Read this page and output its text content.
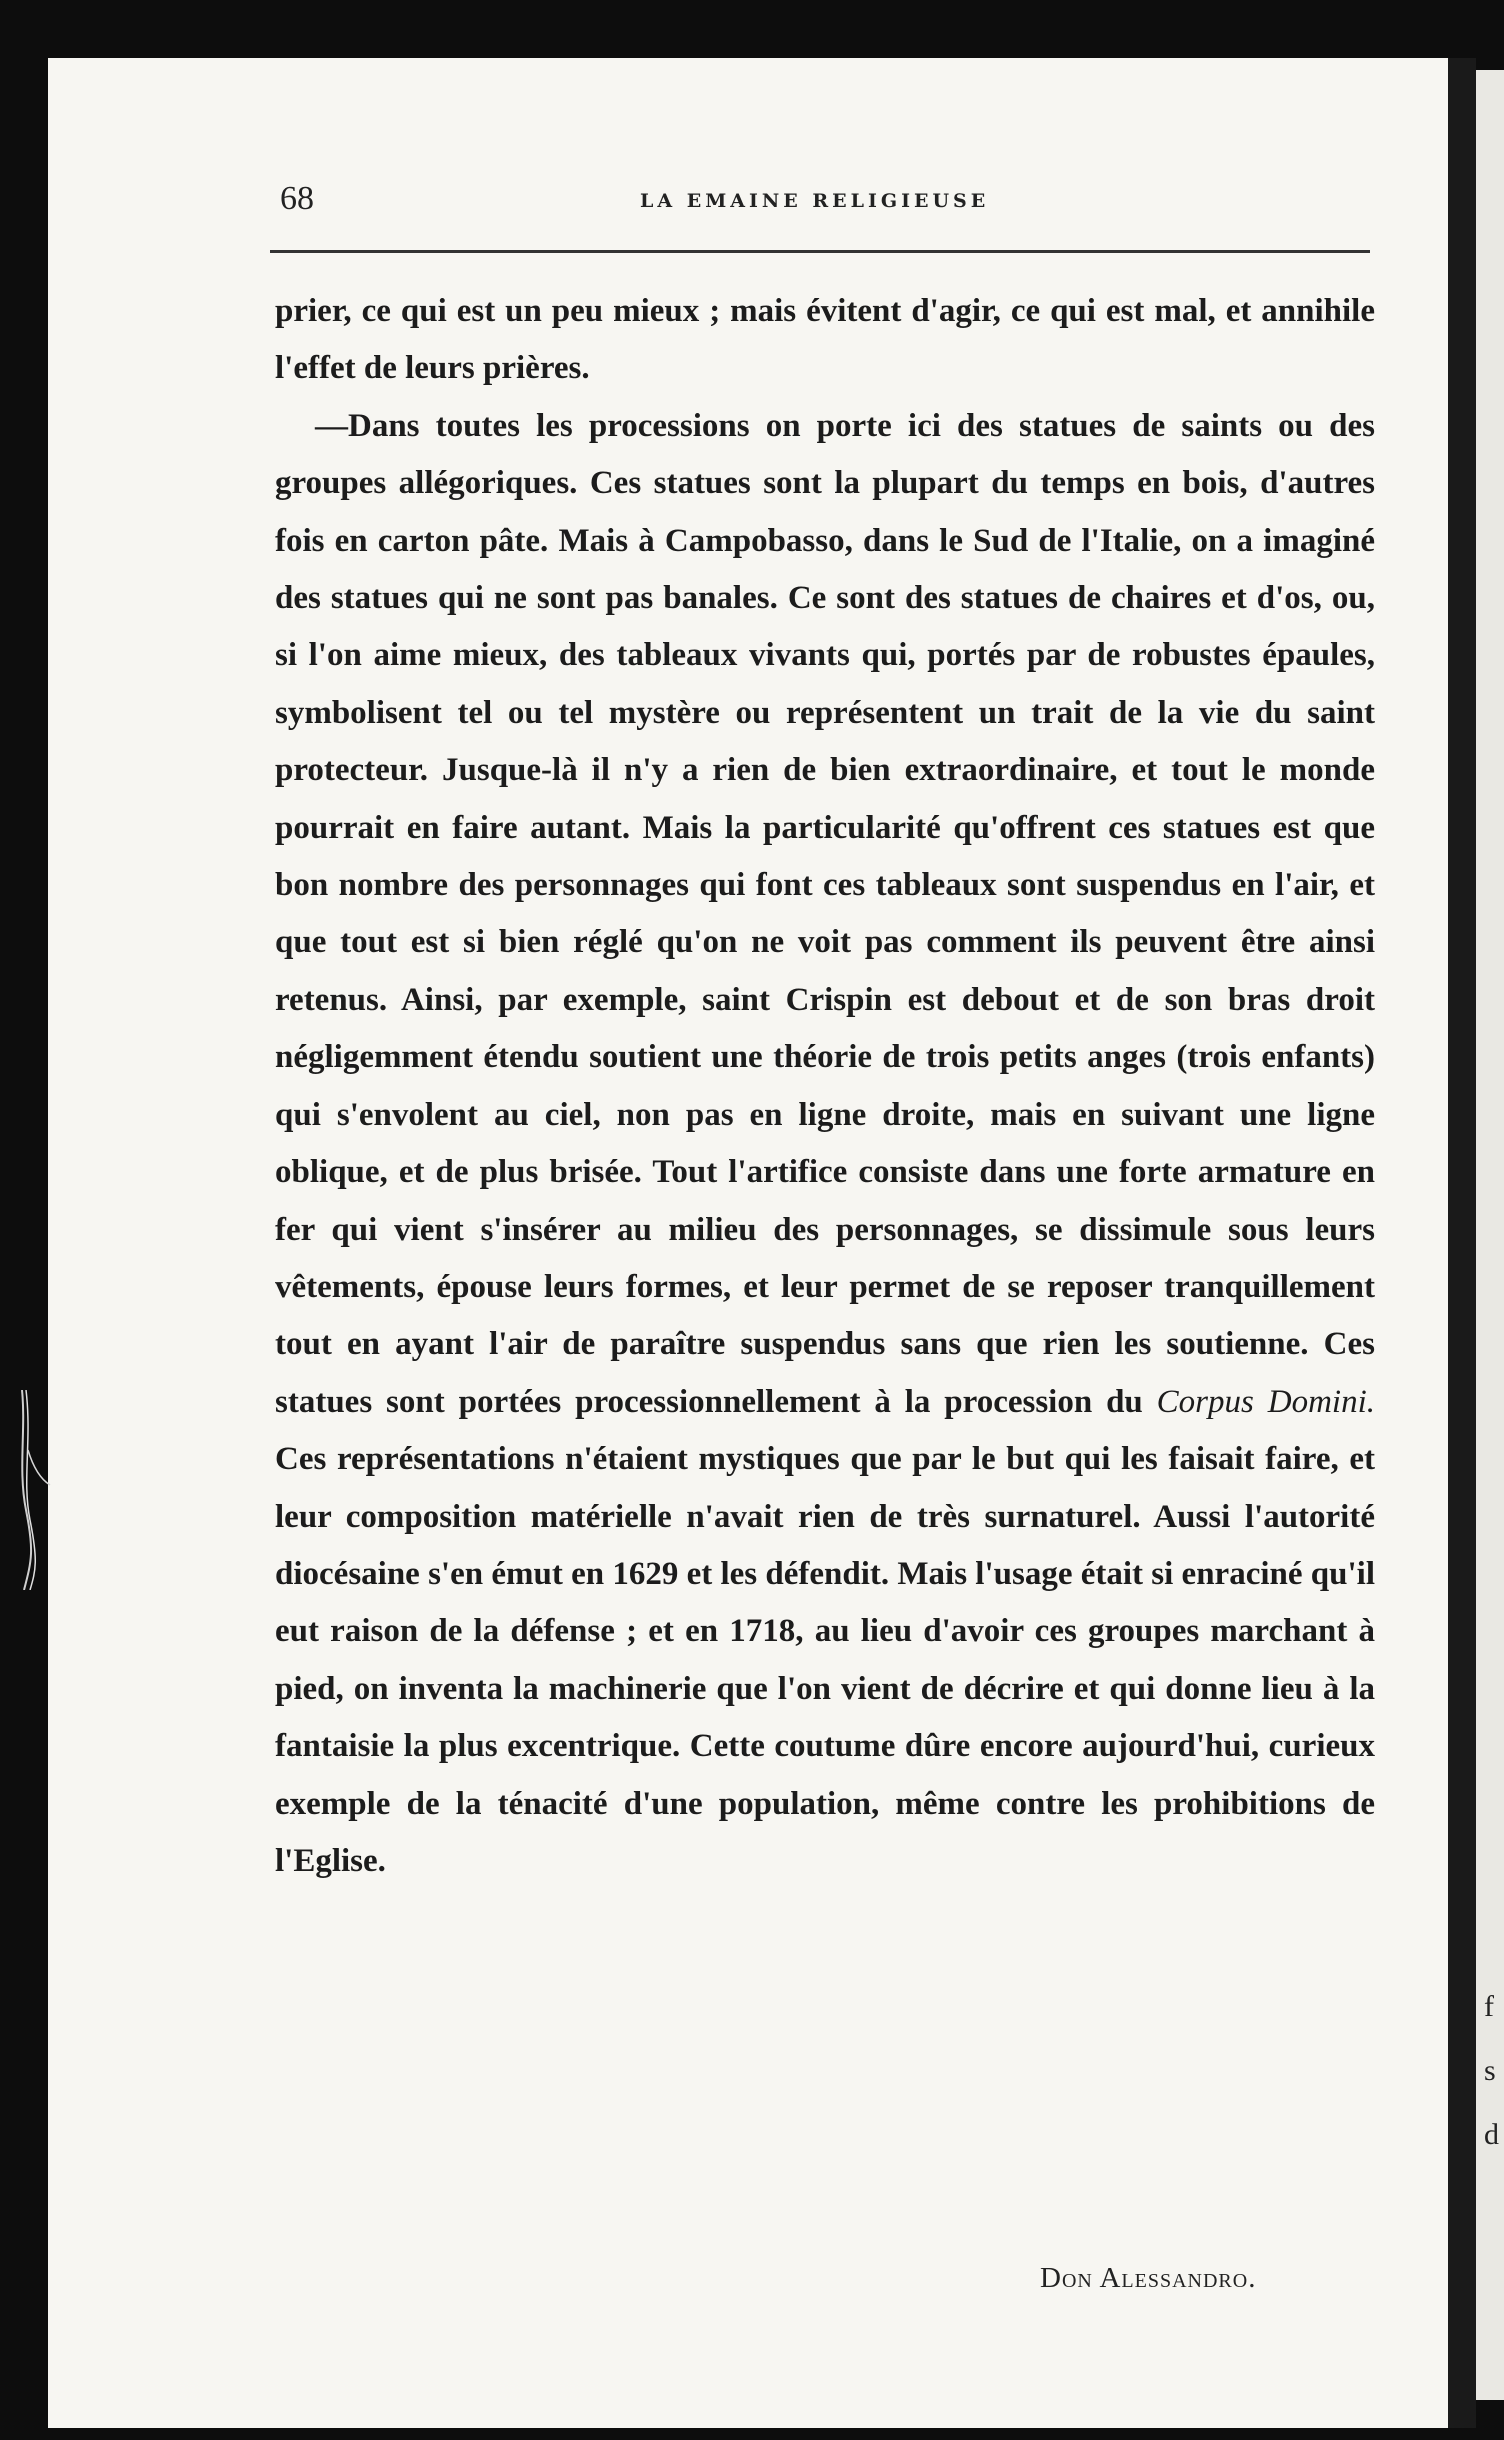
f
s
d
68	LA EMAINE RELIGIEUSE

prier, ce qui est un peu mieux ; mais évitent d'agir, ce qui est mal, et annihile l'effet de leurs prières.

—Dans toutes les processions on porte ici des statues de saints ou des groupes allégoriques. Ces statues sont la plupart du temps en bois, d'autres fois en carton pâte. Mais à Campobasso, dans le Sud de l'Italie, on a imaginé des statues qui ne sont pas banales. Ce sont des statues de chaires et d'os, ou, si l'on aime mieux, des tableaux vivants qui, portés par de robustes épaules, symbolisent tel ou tel mystère ou représentent un trait de la vie du saint protecteur. Jusque-là il n'y a rien de bien extraordinaire, et tout le monde pourrait en faire autant. Mais la particularité qu'offrent ces statues est que bon nombre des personnages qui font ces tableaux sont suspendus en l'air, et que tout est si bien réglé qu'on ne voit pas comment ils peuvent être ainsi retenus. Ainsi, par exemple, saint Crispin est debout et de son bras droit négligemment étendu soutient une théorie de trois petits anges (trois enfants) qui s'envolent au ciel, non pas en ligne droite, mais en suivant une ligne oblique, et de plus brisée. Tout l'artifice consiste dans une forte armature en fer qui vient s'insérer au milieu des personnages, se dissimule sous leurs vêtements, épouse leurs formes, et leur permet de se reposer tranquillement tout en ayant l'air de paraître suspendus sans que rien les soutienne. Ces statues sont portées processionnellement à la procession du Corpus Domini. Ces représentations n'étaient mystiques que par le but qui les faisait faire, et leur composition matérielle n'avait rien de très surnaturel. Aussi l'autorité diocésaine s'en émut en 1629 et les défendit. Mais l'usage était si enraciné qu'il eut raison de la défense ; et en 1718, au lieu d'avoir ces groupes marchant à pied, on inventa la machinerie que l'on vient de décrire et qui donne lieu à la fantaisie la plus excentrique. Cette coutume dûre encore aujourd'hui, curieux exemple de la ténacité d'une population, même contre les prohibitions de l'Eglise.

Don Alessandro.
